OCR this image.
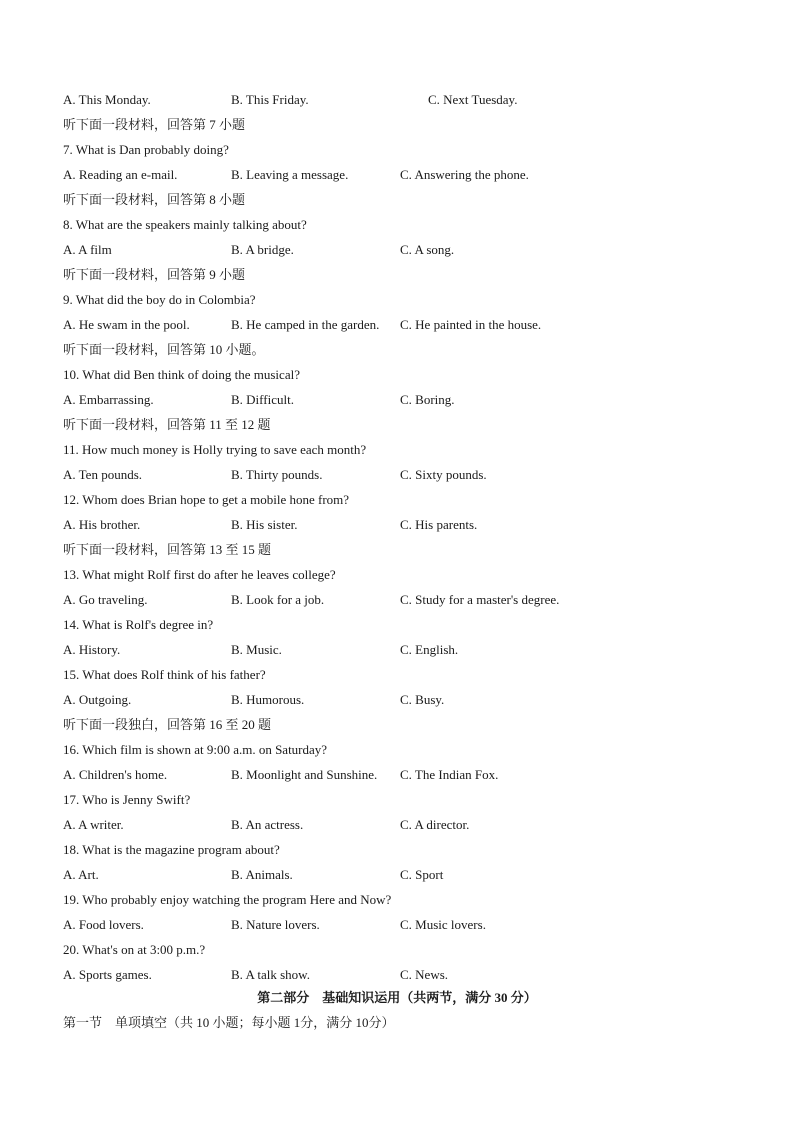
A. This Monday.	B. This Friday.	C. Next Tuesday.
听下面一段材料，回答第 7 小题
7. What is Dan probably doing?
A. Reading an e-mail.	B. Leaving a message.	C. Answering the phone.
听下面一段材料，回答第 8 小题
8. What are the speakers mainly talking about?
A. A film	B. A bridge.	C. A song.
听下面一段材料，回答第 9 小题
9. What did the boy do in Colombia?
A. He swam in the pool.	B. He camped in the garden. C. He painted in the house.
听下面一段材料，回答第 10 小题。
10. What did Ben think of doing the musical?
A. Embarrassing.	B. Difficult.	C. Boring.
听下面一段材料，回答第 11 至 12 题
11. How much money is Holly trying to save each month?
A. Ten pounds.	B. Thirty pounds.	C. Sixty pounds.
12. Whom does Brian hope to get a mobile hone from?
A. His brother.	B. His sister.	C. His parents.
听下面一段材料，回答第 13 至 15 题
13. What might Rolf first do after he leaves college?
A. Go traveling.	B. Look for a job.	C. Study for a master's degree.
14. What is Rolf's degree in?
A. History.	B. Music.	C. English.
15. What does Rolf think of his father?
A. Outgoing.	B. Humorous.	C. Busy.
听下面一段独白，回答第 16 至 20 题
16. Which film is shown at 9:00 a.m. on Saturday?
A. Children's home.	B. Moonlight and Sunshine. C. The Indian Fox.
17. Who is Jenny Swift?
A. A writer.	B. An actress.	C. A director.
18. What is the magazine program about?
A. Art.	B. Animals.	C. Sport
19. Who probably enjoy watching the program Here and Now?
A. Food lovers.	B. Nature lovers.	C. Music lovers.
20. What's on at 3:00 p.m.?
A. Sports games.	B. A talk show.	C. News.
第二部分　基础知识运用（共两节，满分 30 分）
第一节　单项填空（共 10 小题；每小题 1分，满分 10分）
